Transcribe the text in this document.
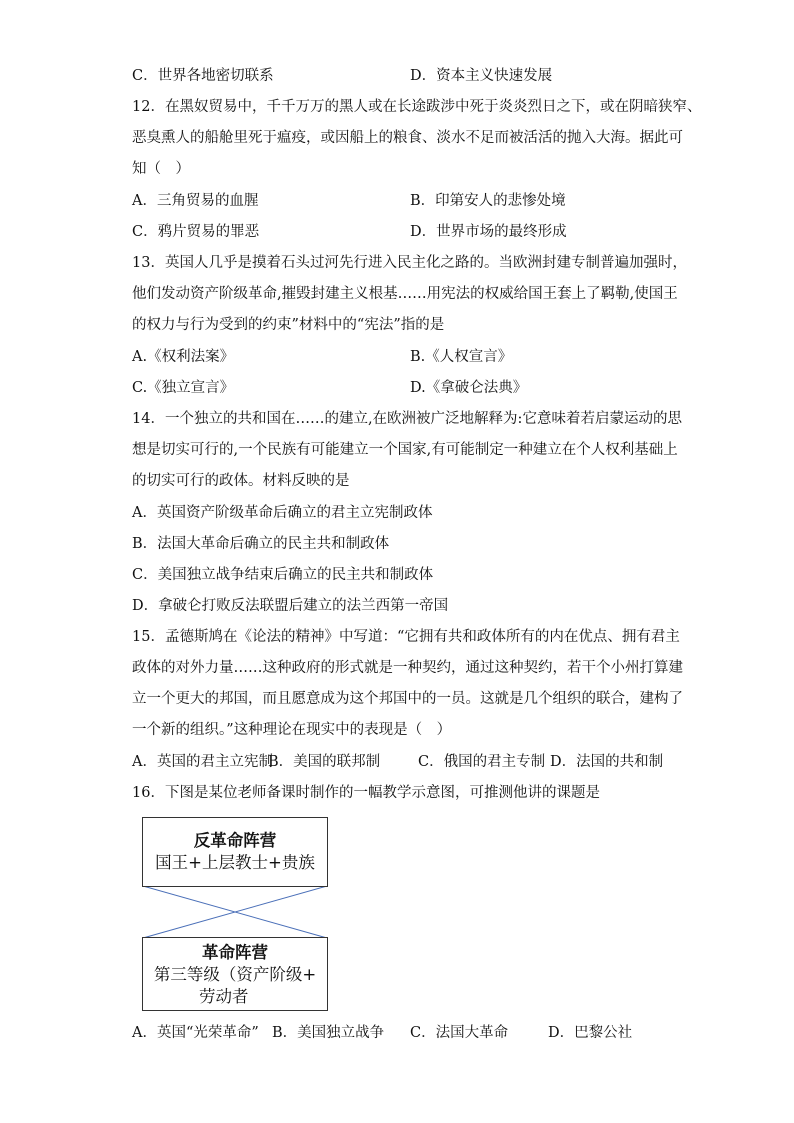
C．世界各地密切联系	D．资本主义快速发展
12．在黑奴贸易中，千千万万的黑人或在长途跋涉中死于炎炎烈日之下，或在阴暗狭窄、
恶臭熏人的船舱里死于瘟疫，或因船上的粮食、淡水不足而被活活的抛入大海。据此可
知（　）
A．三角贸易的血腥	B．印第安人的悲惨处境
C．鸦片贸易的罪恶	D．世界市场的最终形成
13．英国人几乎是摸着石头过河先行进入民主化之路的。当欧洲封建专制普遍加强时，
他们发动资产阶级革命,摧毁封建主义根基……用宪法的权威给国王套上了羁勒,使国王
的权力与行为受到的约束”材料中的“宪法”指的是
A.《权利法案》	B.《人权宣言》
C.《独立宣言》	D.《拿破仑法典》
14．一个独立的共和国在……的建立,在欧洲被广泛地解释为:它意味着若启蒙运动的思
想是切实可行的,一个民族有可能建立一个国家,有可能制定一种建立在个人权利基础上
的切实可行的政体。材料反映的是
A．英国资产阶级革命后确立的君主立宪制政体
B．法国大革命后确立的民主共和制政体
C．美国独立战争结束后确立的民主共和制政体
D．拿破仑打败反法联盟后建立的法兰西第一帝国
15．孟德斯鸠在《论法的精神》中写道：“它拥有共和政体所有的内在优点、拥有君主
政体的对外力量……这种政府的形式就是一种契约，通过这种契约，若干个小州打算建
立一个更大的邦国，而且愿意成为这个邦国中的一员。这就是几个组织的联合，建构了
一个新的组织。”这种理论在现实中的表现是（　）
A．英国的君主立宪制
B．美国的联邦制	C．俄国的君主专制 D．法国的共和制
16．下图是某位老师备课时制作的一幅教学示意图，可推测他讲的课题是
反革命阵营
国王+上层教士+贵族
革命阵营
第三等级（资产阶级+
劳动者
A．英国“光荣革命” B．美国独立战争 C．法国大革命	D．巴黎公社
